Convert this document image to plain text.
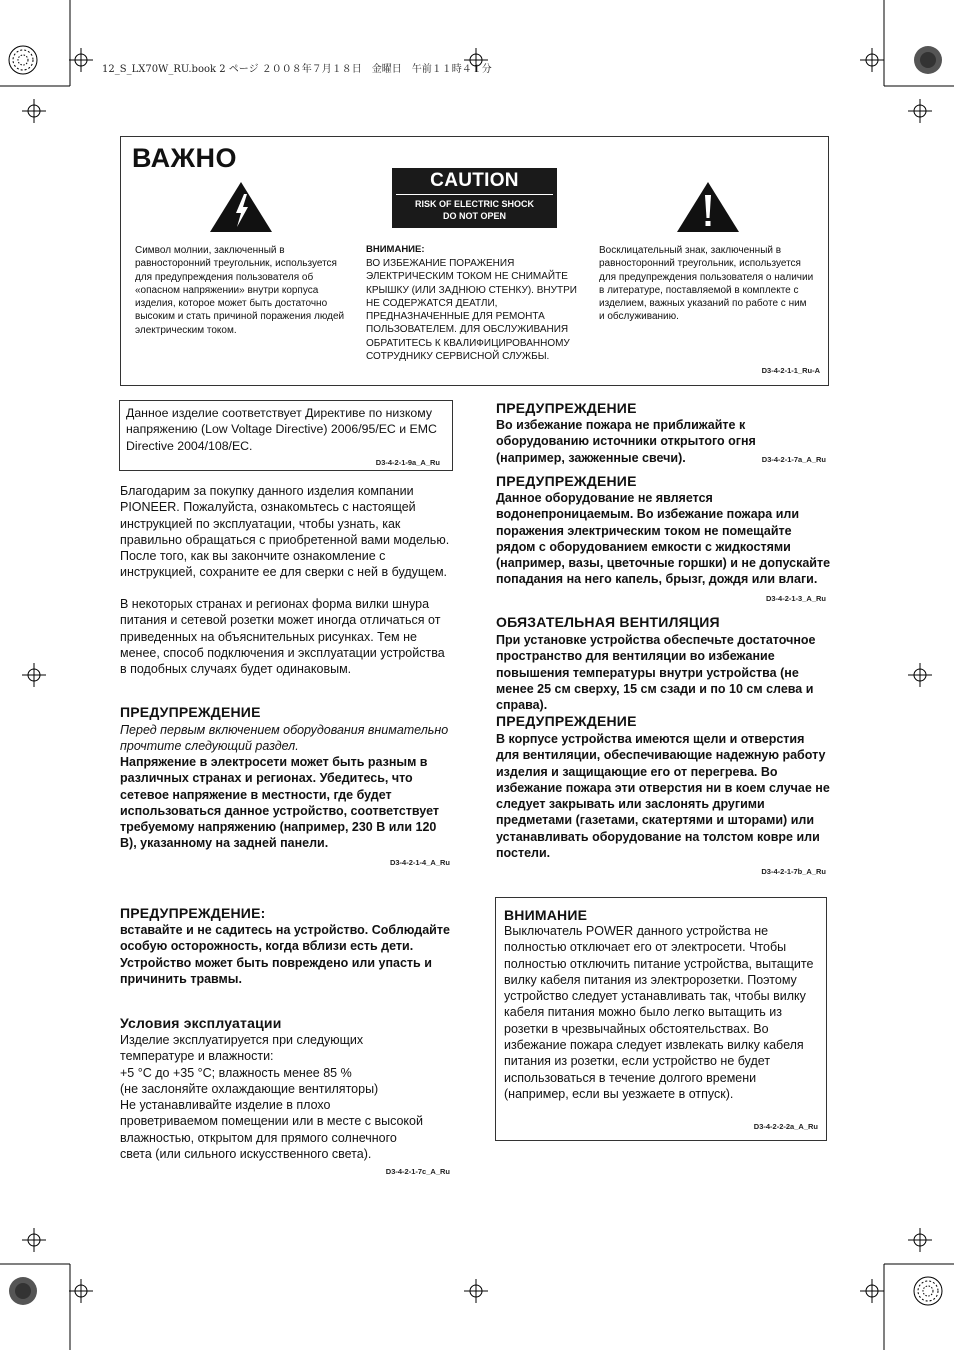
12_S_LX70W_RU.book 2 ページ ２００８年７月１８日　金曜日　午前１１時４１分
ВАЖНО
CAUTION
RISK OF ELECTRIC SHOCK
DO NOT OPEN
Символ молнии, заключенный в равносторонний треугольник, используется для предупреждения пользователя об «опасном напряжении» внутри корпуса изделия, которое может быть достаточно высоким и стать причиной поражения людей электрическим током.
ВНИМАНИЕ:
ВО ИЗБЕЖАНИЕ ПОРАЖЕНИЯ ЭЛЕКТРИЧЕСКИМ ТОКОМ НЕ СНИМАЙТЕ КРЫШКУ (ИЛИ ЗАДНЮЮ СТЕНКУ). ВНУТРИ НЕ СОДЕРЖАТСЯ ДЕАТЛИ, ПРЕДНАЗНАЧЕННЫЕ ДЛЯ РЕМОНТА ПОЛЬЗОВАТЕЛЕМ. ДЛЯ ОБСЛУЖИВАНИЯ ОБРАТИТЕСЬ К КВАЛИФИЦИРОВАННОМУ СОТРУДНИКУ СЕРВИСНОЙ СЛУЖБЫ.
Восклицательный знак, заключенный в равносторонний треугольник, используется для предупреждения пользователя о наличии в литературе, поставляемой в комплекте с изделием, важных указаний по работе с ним и обслуживанию.
D3-4-2-1-1_Ru-A
Данное изделие соответствует Директиве по низкому напряжению (Low Voltage Directive) 2006/95/EC и EMC Directive 2004/108/EC.
D3-4-2-1-9a_A_Ru
Благодарим за покупку данного изделия компании PIONEER. Пожалуйста, ознакомьтесь с настоящей инструкцией по эксплуатации, чтобы узнать, как правильно обращаться с приобретенной вами моделью. После того, как вы закончите ознакомление с инструкцией, сохраните ее для сверки с ней в будущем.
В некоторых странах и регионах форма вилки шнура питания и сетевой розетки может иногда отличаться от приведенных на объяснительных рисунках. Тем не менее, способ подключения и эксплуатации устройства в подобных случаях будет одинаковым.
ПРЕДУПРЕЖДЕНИЕ
Перед первым включением оборудования внимательно прочтите следующий раздел.
Напряжение в электросети может быть разным в различных странах и регионах. Убедитесь, что сетевое напряжение в местности, где будет использоваться данное устройство, соответствует требуемому напряжению (например, 230 В или 120 В), указанному на задней панели.
D3-4-2-1-4_A_Ru
ПРЕДУПРЕЖДЕНИЕ:
вставайте и не садитесь на устройство. Соблюдайте особую осторожность, когда вблизи есть дети. Устройство может быть повреждено или упасть и причинить травмы.
Условия эксплуатации
Изделие эксплуатируется при следующих
температуре и влажности:
+5 °C до +35 °C; влажность менее 85 %
(не заслоняйте охлаждающие вентиляторы)
Не устанавливайте изделие в плохо
проветриваемом помещении или в месте с высокой
влажностью, открытом для прямого солнечного
света (или сильного искусственного света).
D3-4-2-1-7c_A_Ru
ПРЕДУПРЕЖДЕНИЕ
Во избежание пожара не приближайте к оборудованию источники открытого огня (например, зажженные свечи).	D3-4-2-1-7a_A_Ru
ПРЕДУПРЕЖДЕНИЕ
Данное оборудование не является водонепроницаемым. Во избежание пожара или поражения электрическим током не помещайте рядом с оборудованием емкости с жидкостями (например, вазы, цветочные горшки) и не допускайте попадания на него капель, брызг, дождя или влаги.
D3-4-2-1-3_A_Ru
ОБЯЗАТЕЛЬНАЯ ВЕНТИЛЯЦИЯ
При установке устройства обеспечьте достаточное пространство для вентиляции во избежание повышения температуры внутри устройства (не менее 25 см сверху, 15 см сзади и по 10 см слева и справа).
ПРЕДУПРЕЖДЕНИЕ
В корпусе устройства имеются щели и отверстия для вентиляции, обеспечивающие надежную работу изделия и защищающие его от перегрева. Во избежание пожара эти отверстия ни в коем случае не следует закрывать или заслонять другими предметами (газетами, скатертями и шторами) или устанавливать оборудование на толстом ковре или постели.
D3-4-2-1-7b_A_Ru
ВНИМАНИЕ
Выключатель POWER данного устройства не полностью отключает его от электросети. Чтобы полностью отключить питание устройства, вытащите вилку кабеля питания из электророзетки. Поэтому устройство следует устанавливать так, чтобы вилку кабеля питания можно было легко вытащить из розетки в чрезвычайных обстоятельствах. Во избежание пожара следует извлекать вилку кабеля питания из розетки, если устройство не будет использоваться в течение долгого времени (например, если вы уезжаете в отпуск).
D3-4-2-2-2a_A_Ru
